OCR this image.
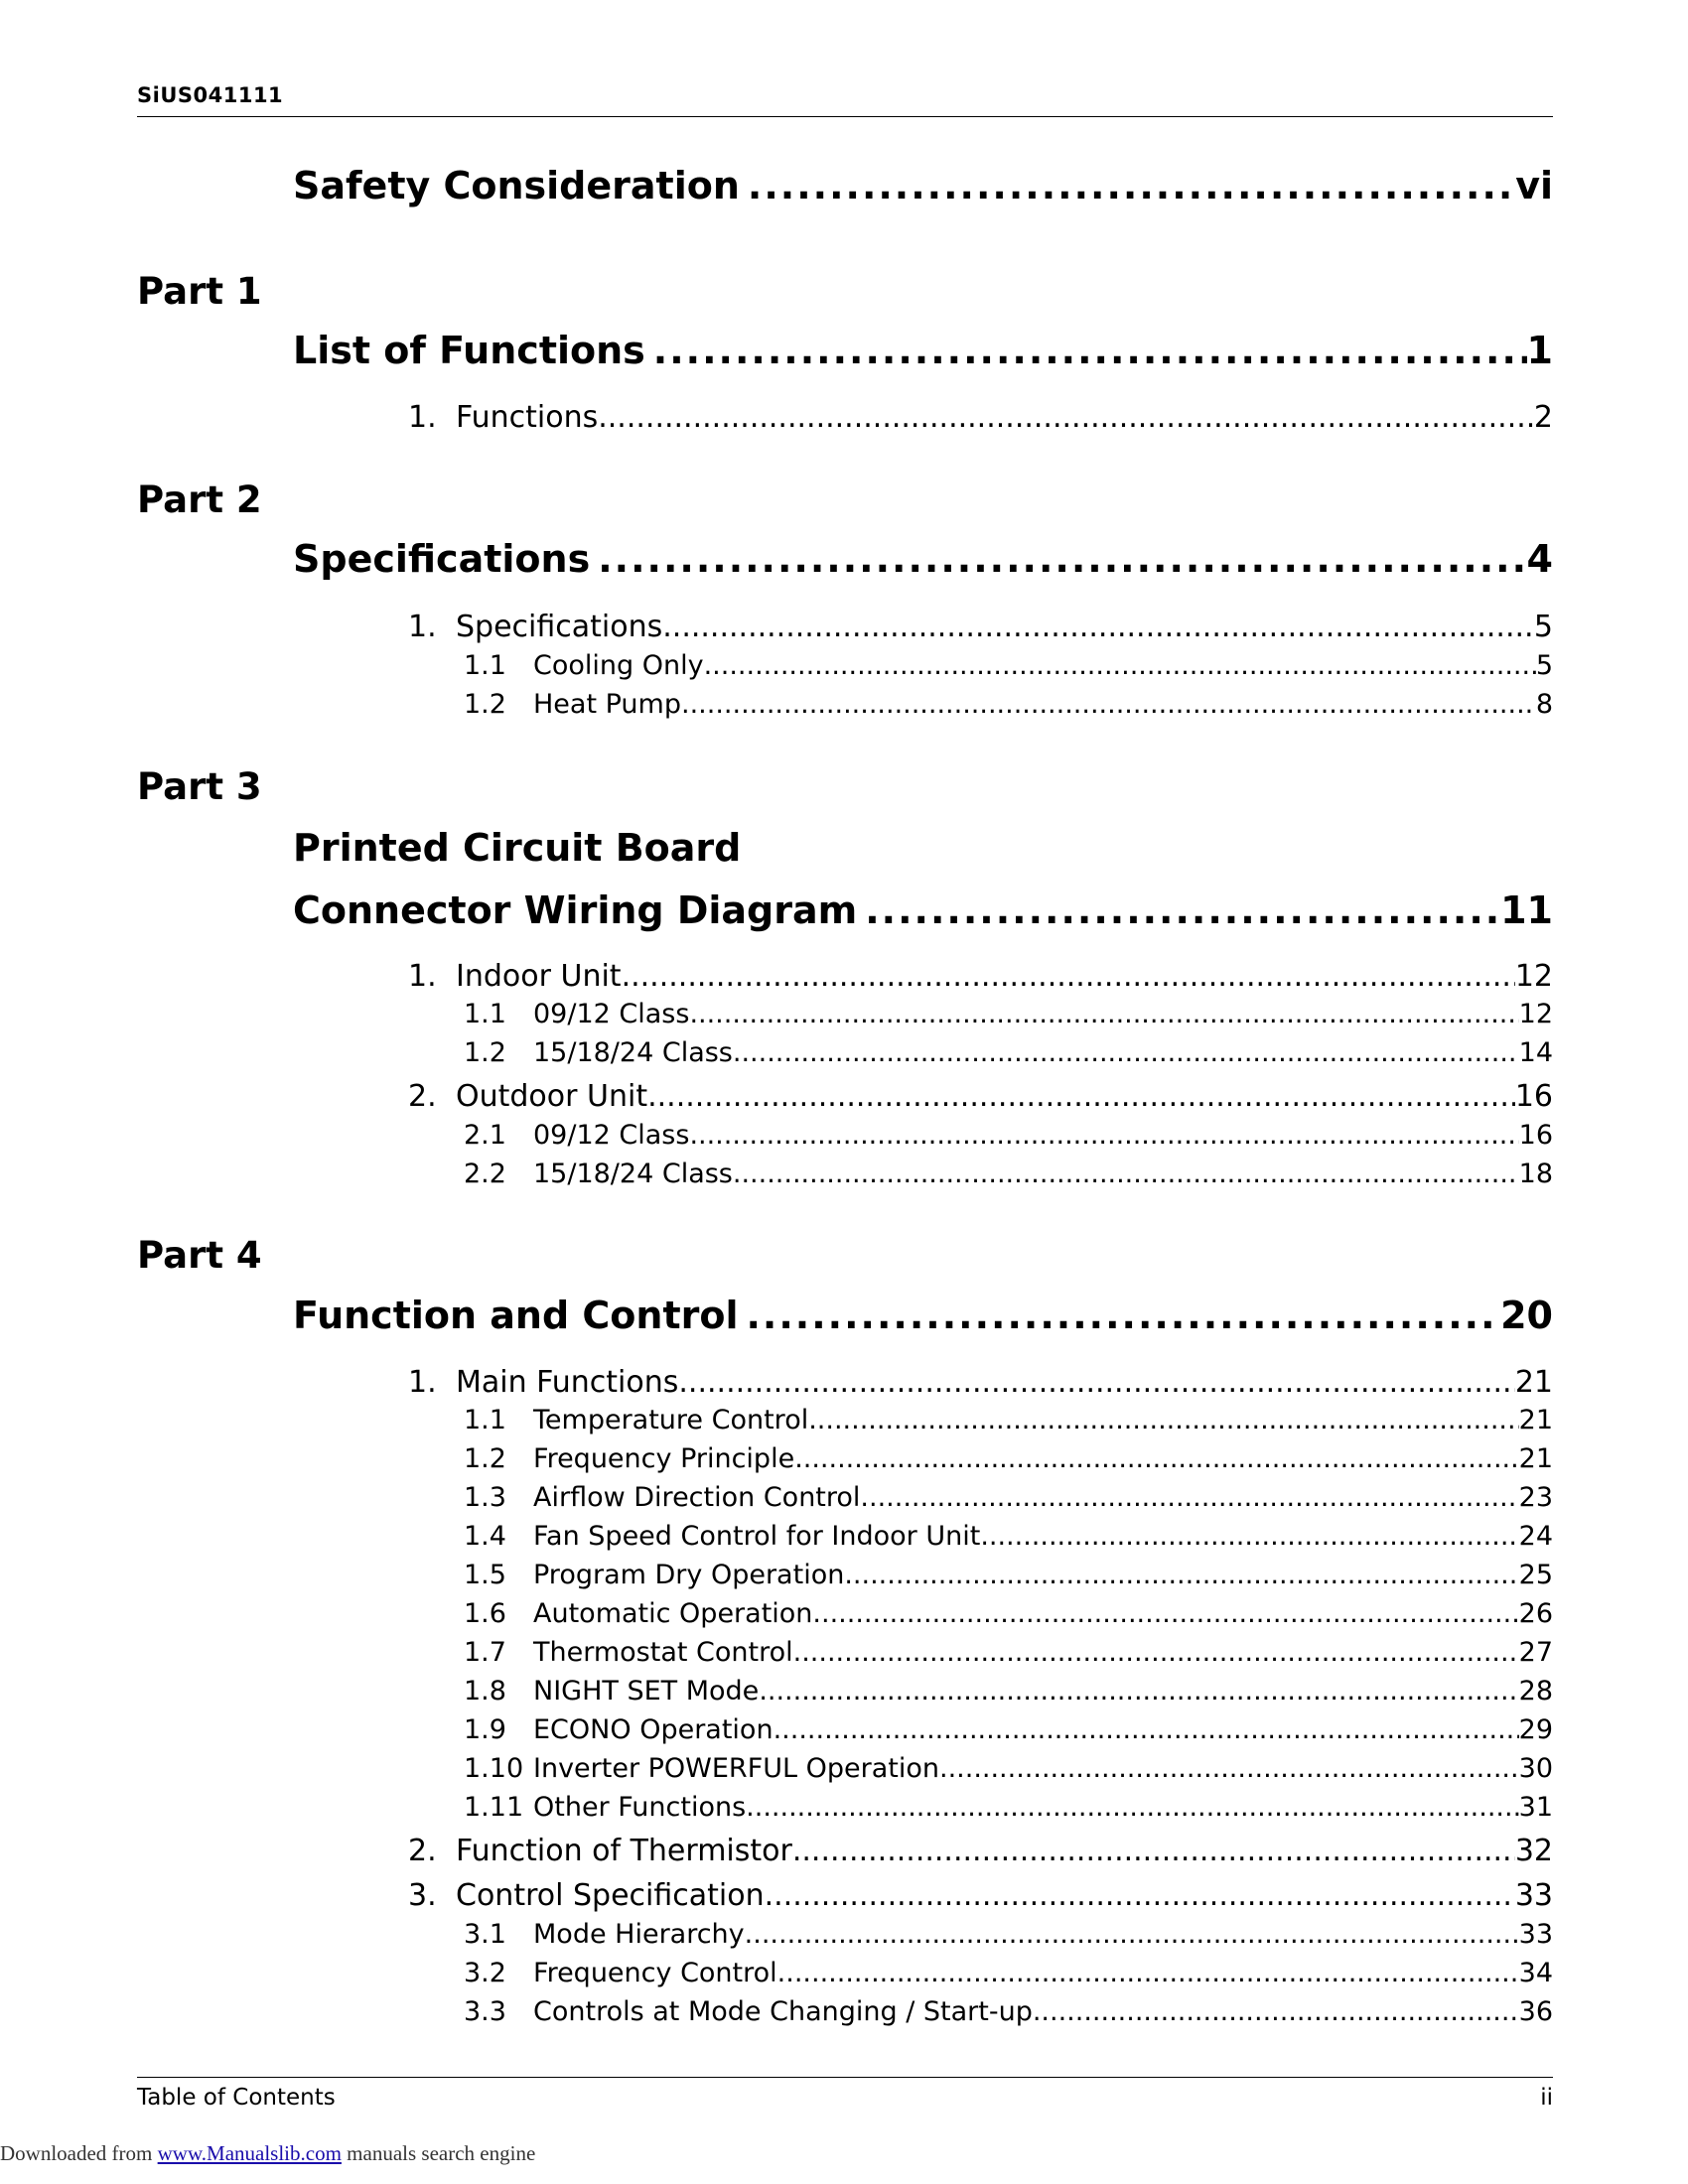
SiUS041111
Safety Consideration .....	vi
Part 1
List of Functions .....	1
1. Functions .....	2
Part 2
Specifications .....	4
1. Specifications .....	5
1.1	Cooling Only .....	5
1.2	Heat Pump .....	8
Part 3
Printed Circuit Board
Connector Wiring Diagram .....	11
1. Indoor Unit .....	12
1.1	09/12 Class .....	12
1.2	15/18/24 Class .....	14
2. Outdoor Unit .....	16
2.1	09/12 Class .....	16
2.2	15/18/24 Class .....	18
Part 4
Function and Control .....	20
1. Main Functions .....	21
1.1	Temperature Control .....	21
1.2	Frequency Principle .....	21
1.3	Airflow Direction Control .....	23
1.4	Fan Speed Control for Indoor Unit .....	24
1.5	Program Dry Operation .....	25
1.6	Automatic Operation .....	26
1.7	Thermostat Control .....	27
1.8	NIGHT SET Mode .....	28
1.9	ECONO Operation .....	29
1.10 Inverter POWERFUL Operation .....	30
1.11 Other Functions .....	31
2. Function of Thermistor .....	32
3. Control Specification .....	33
3.1	Mode Hierarchy .....	33
3.2	Frequency Control .....	34
3.3	Controls at Mode Changing / Start-up .....	36
Table of Contents	ii
Downloaded from www.Manualslib.com manuals search engine
